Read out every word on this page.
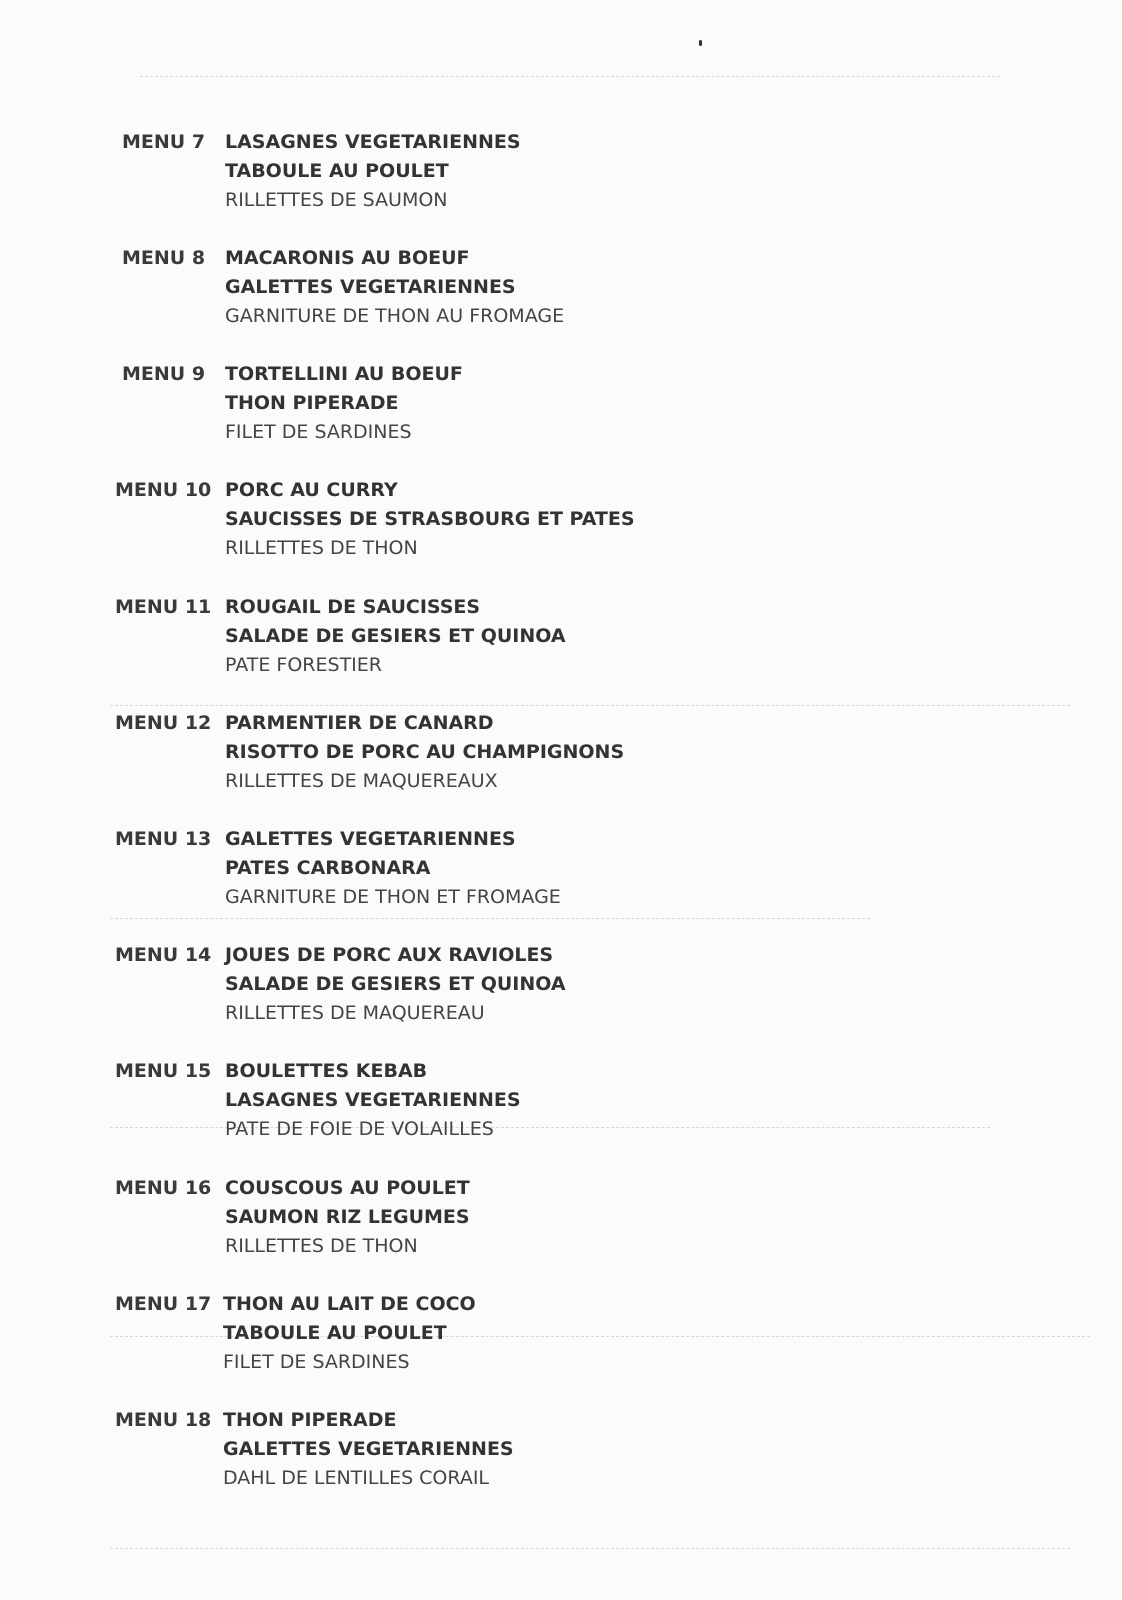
MENU 7 LASAGNES VEGETARIENNES
TABOULE AU POULET
RILLETTES DE SAUMON
MENU 8 MACARONIS AU BOEUF
GALETTES VEGETARIENNES
GARNITURE DE THON AU FROMAGE
MENU 9 TORTELLINI AU BOEUF
THON PIPERADE
FILET DE SARDINES
MENU 10 PORC AU CURRY
SAUCISSES DE STRASBOURG ET PATES
RILLETTES DE THON
MENU 11 ROUGAIL DE SAUCISSES
SALADE DE GESIERS ET QUINOA
PATE FORESTIER
MENU 12 PARMENTIER DE CANARD
RISOTTO DE PORC AU CHAMPIGNONS
RILLETTES DE MAQUEREAUX
MENU 13 GALETTES VEGETARIENNES
PATES CARBONARA
GARNITURE DE THON ET FROMAGE
MENU 14 JOUES DE PORC AUX RAVIOLES
SALADE DE GESIERS ET QUINOA
RILLETTES DE MAQUEREAU
MENU 15 BOULETTES KEBAB
LASAGNES VEGETARIENNES
PATE DE FOIE DE VOLAILLES
MENU 16 COUSCOUS AU POULET
SAUMON RIZ LEGUMES
RILLETTES DE THON
MENU 17 THON AU LAIT DE COCO
TABOULE AU POULET
FILET DE SARDINES
MENU 18 THON PIPERADE
GALETTES VEGETARIENNES
DAHL DE LENTILLES CORAIL
